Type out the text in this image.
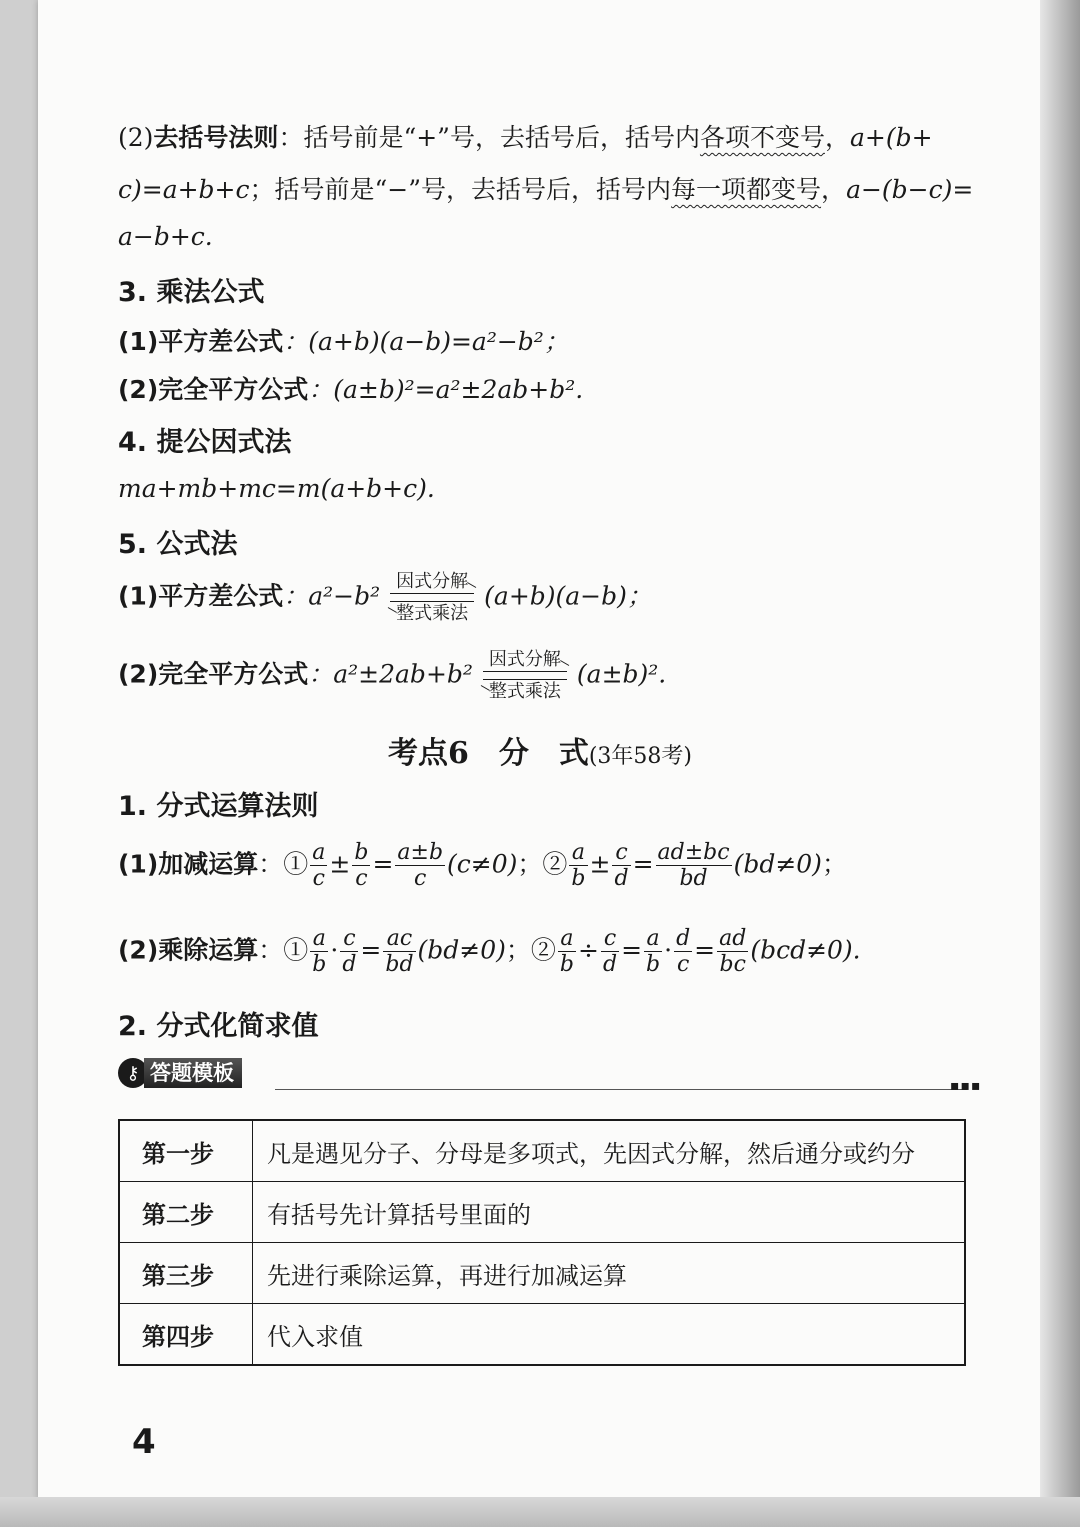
(2)去括号法则：括号前是“+”号，去括号后，括号内各项不变号，a+(b+
c)=a+b+c；括号前是“−”号，去括号后，括号内每一项都变号，a−(b−c)=
a−b+c.
3. 乘法公式
(1)平方差公式：(a+b)(a−b)=a²−b²；
(2)完全平方公式：(a±b)²=a²±2ab+b².
4. 提公因式法
ma+mb+mc=m(a+b+c).
5. 公式法
(1)平方差公式：a²−b² 因式分解
整式乘法
(a+b)(a−b)；
(2)完全平方公式：a²±2ab+b² 因式分解
整式乘法
(a±b)².
考点6　分　式(3年58考)
1. 分式运算法则
(1)加减运算：① $\frac{a}{c} \pm \frac{b}{c} = \frac{a\pm b}{c} (c\ne 0)$；② $\frac{a}{b} \pm \frac{c}{d} = \frac{ad\pm bc}{bd} (bd\ne 0)$；
(2)乘除运算：① $\frac{a}{b} \cdot \frac{c}{d} = \frac{ac}{bd} (bd\ne 0)$；② $\frac{a}{b} \div \frac{c}{d} = \frac{a}{b} \cdot \frac{d}{c} = \frac{ad}{bc} (bcd\ne 0)$.
2. 分式化简求值
⚷ 答题模板
▪▪▪
第一步	凡是遇见分子、分母是多项式，先因式分解，然后通分或约分
第二步	有括号先计算括号里面的
第三步	先进行乘除运算，再进行加减运算
第四步	代入求值
4
